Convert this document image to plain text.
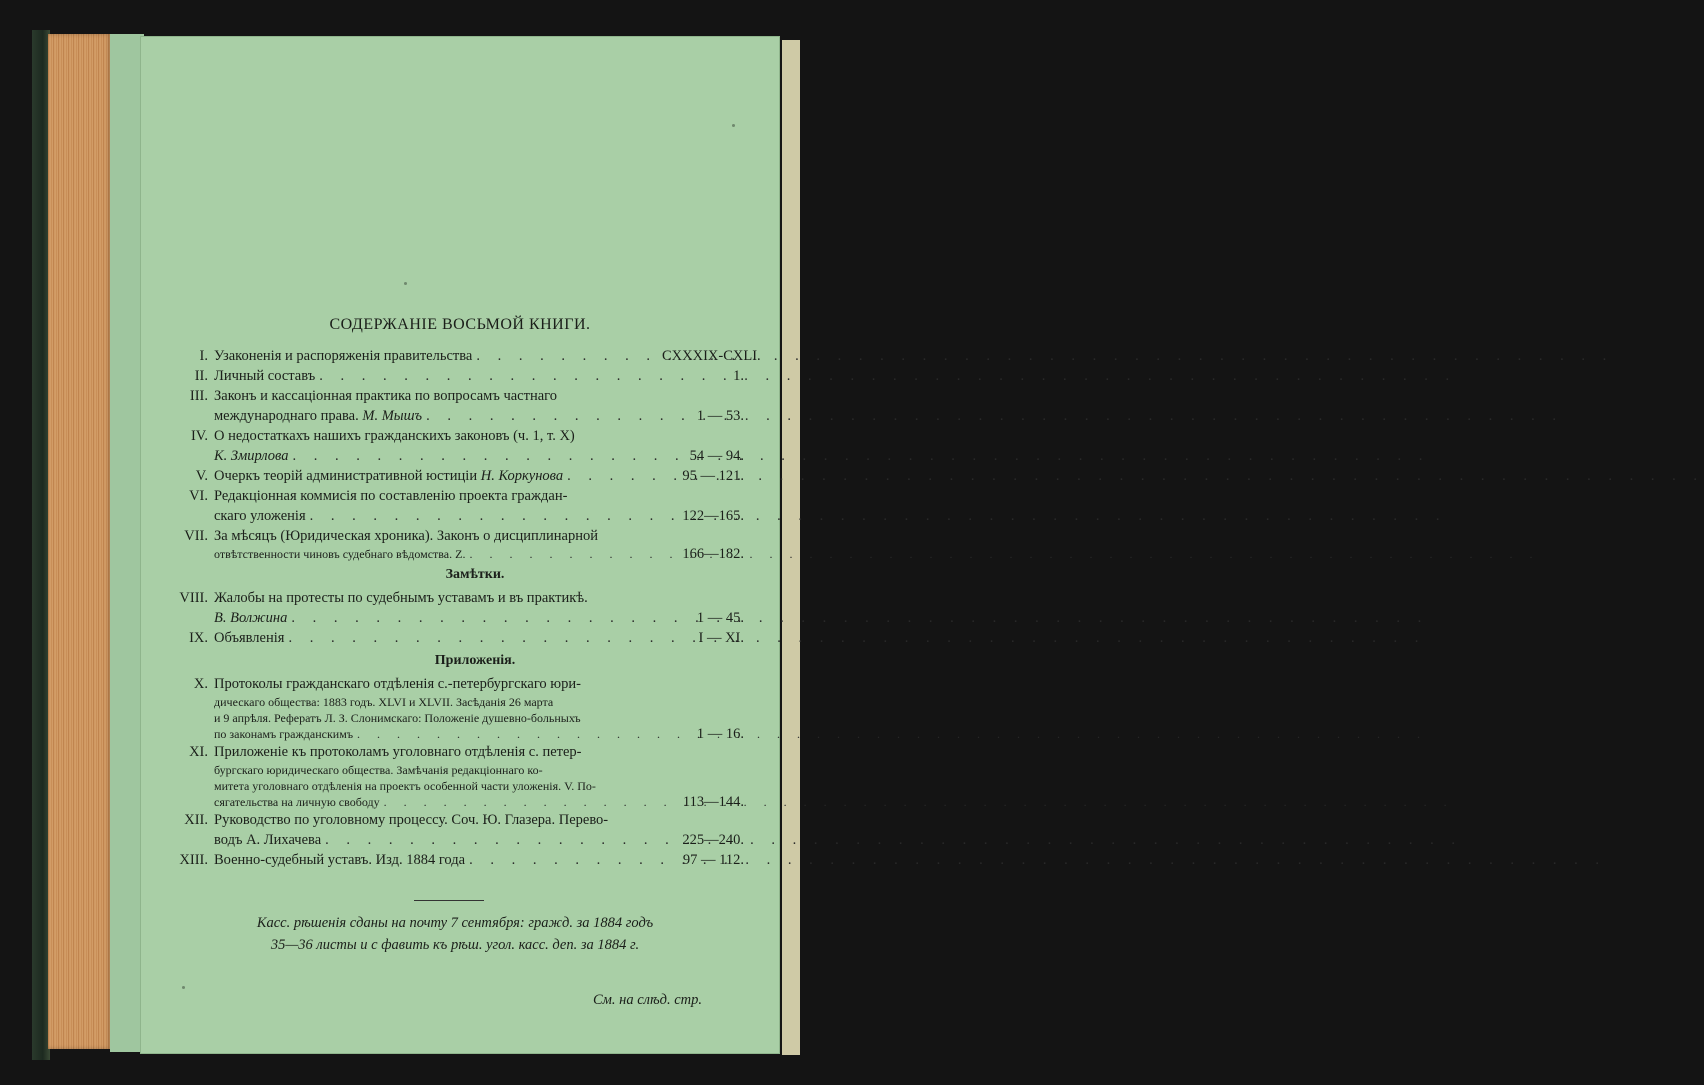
СОДЕРЖАНІЕ ВОСЬМОЙ КНИГИ.
I. Узаконенія и распоряженія правительства . . .	CXXXIX-CXLI.
II. Личный составъ . . .	1.
III. Законъ и кассаціонная практика по вопросамъ частнаго
международнаго права.
М. Мышъ . . .	1 — 53.
IV. О недостаткахъ нашихъ гражданскихъ законовъ (ч. 1, т. X)
К. Змирлова . . .	54 — 94.
V. Очеркъ теорій административной юстиціи
Н. Коркунова . . .	95 — 121.
VI. Редакціонная коммисія по составленію проекта граждан-
скаго уложенія . . .	122—165.
VII. За мѣсяцъ (Юридическая хроника). Законъ о дисциплинарной
отвѣтственности чиновъ судебнаго вѣдомства. Z. . . .	166—182.
Замѣтки.
VIII. Жалобы на протесты по судебнымъ уставамъ и въ практикѣ.
В. Волжина . . .	1 — 45.
IX. Объявленія . . .	I — XI.
Приложенія.
X. Протоколы гражданскаго отдѣленія с.-петербургскаго юри-
дическаго общества: 1883 годъ. XLVI и XLVII. Засѣданія 26 марта
и 9 апрѣля. Рефератъ Л. З. Слонимскаго: Положеніе душевно-больныхъ
по законамъ гражданскимъ . . .	1 — 16.
XI. Приложеніе къ протоколамъ уголовнаго отдѣленія с. петер-
бургскаго юридическаго общества. Замѣчанія редакціоннаго ко-
митета уголовнаго отдѣленія на проектъ особенной части уложенія. V. По-
сягательства на личную свободу . . .	113—144.
XII. Руководство по уголовному процессу. Соч. Ю. Глазера. Перево-
водъ А. Лихачева . . .	225—240.
XIII. Военно-судебный уставъ. Изд. 1884 года . . .	97 — 112.
Касс. рѣшенія сданы на почту 7 сентября: гражд. за 1884 годъ
35—36 листы и с фавить къ рѣш. угол. касс. деп. за 1884 г.
См. на слѣд. стр.
